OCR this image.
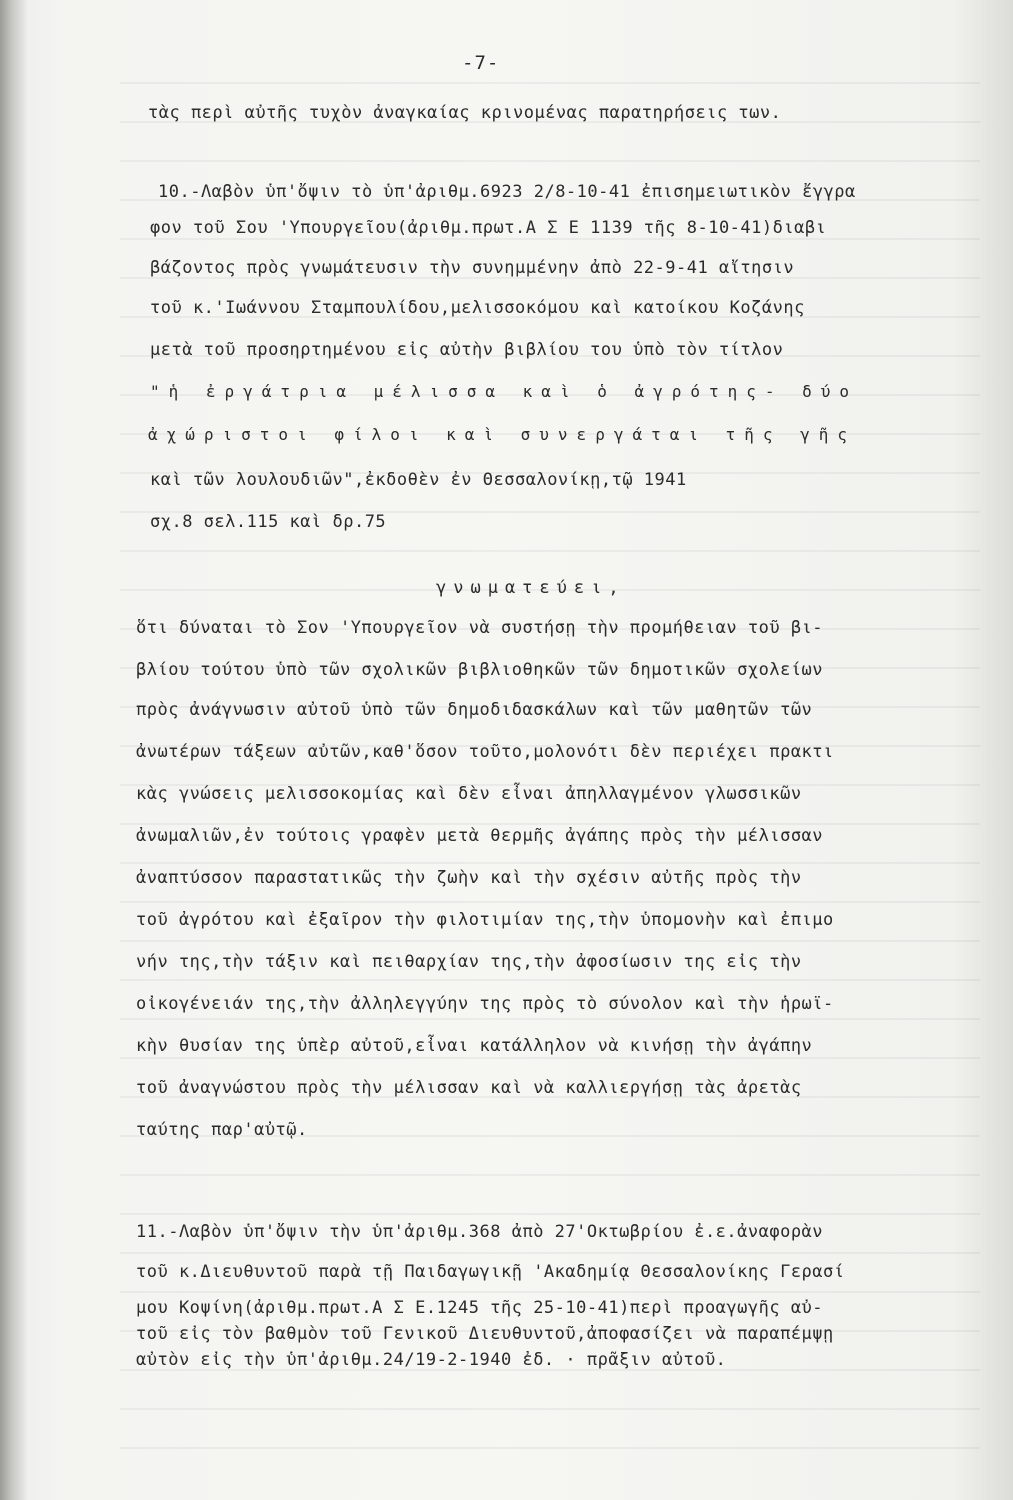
-7-
τὰς περὶ αὐτῆς τυχὸν ἀναγκαίας κρινομένας παρατηρήσεις των.
10.-Λαβὸν ὑπ'ὄψιν τὸ ὑπ'ἀριθμ.6923 2/8-10-41 ἐπισημειωτικὸν ἔγγρα
φον τοῦ Σου 'Υπουργεῖου(ἀριθμ.πρωτ.Α Σ Ε 1139 τῆς 8-10-41)διαβι
βάζοντος πρὸς γνωμάτευσιν τὴν συνημμένην ἀπὸ 22-9-41 αἴτησιν
τοῦ κ.'Ιωάννου Σταμπουλίδου,μελισσοκόμου καὶ κατοίκου Κοζάνης
μετὰ τοῦ προσηρτημένου εἰς αὐτὴν βιβλίου του ὑπὸ τὸν τίτλον
"ἡ ἐργάτρια μέλισσα καὶ ὁ ἀγρότης- δύο
ἀχώριστοι φίλοι καὶ συνεργάται τῆς γῆς
καὶ τῶν λουλουδιῶν",ἐκδοθὲν ἐν Θεσσαλονίκῃ,τῷ 1941
σχ.8 σελ.115 καὶ δρ.75
γνωματεύει,
ὅτι δύναται τὸ Σον 'Υπουργεῖον νὰ συστήσῃ τὴν προμήθειαν τοῦ βι-
βλίου τούτου ὑπὸ τῶν σχολικῶν βιβλιοθηκῶν τῶν δημοτικῶν σχολείων
πρὸς ἀνάγνωσιν αὐτοῦ ὑπὸ τῶν δημοδιδασκάλων καὶ τῶν μαθητῶν τῶν
ἀνωτέρων τάξεων αὐτῶν,καθ'ὅσον τοῦτο,μολονότι δὲν περιέχει πρακτι
κὰς γνώσεις μελισσοκομίας καὶ δὲν εἶναι ἀπηλλαγμένον γλωσσικῶν
ἀνωμαλιῶν,ἐν τούτοις γραφὲν μετὰ θερμῆς ἀγάπης πρὸς τὴν μέλισσαν
ἀναπτύσσον παραστατικῶς τὴν ζωὴν καὶ τὴν σχέσιν αὐτῆς πρὸς τὴν
τοῦ ἀγρότου καὶ ἐξαῖρον τὴν φιλοτιμίαν της,τὴν ὑπομονὴν καὶ ἐπιμο
νήν της,τὴν τάξιν καὶ πειθαρχίαν της,τὴν ἀφοσίωσιν της εἰς τὴν
οἰκογένειάν της,τὴν ἀλληλεγγύην της πρὸς τὸ σύνολον καὶ τὴν ἡρωϊ-
κὴν θυσίαν της ὑπὲρ αὐτοῦ,εἶναι κατάλληλον νὰ κινήσῃ τὴν ἀγάπην
τοῦ ἀναγνώστου πρὸς τὴν μέλισσαν καὶ νὰ καλλιεργήσῃ τὰς ἀρετὰς
ταύτης παρ'αὐτῷ.
11.-Λαβὸν ὑπ'ὄψιν τὴν ὑπ'ἀριθμ.368 ἀπὸ 27'Οκτωβρίου ἐ.ε.ἀναφορὰν
τοῦ κ.Διευθυντοῦ παρὰ τῇ Παιδαγωγικῇ 'Ακαδημίᾳ Θεσσαλονίκης Γερασί
μου Κοψίνη(ἀριθμ.πρωτ.Α Σ Ε.1245 τῆς 25-10-41)περὶ προαγωγῆς αὐ-
τοῦ εἰς τὸν βαθμὸν τοῦ Γενικοῦ Διευθυντοῦ,ἀποφασίζει νὰ παραπέμψῃ
αὐτὸν εἰς τὴν ὑπ'ἀριθμ.24/19-2-1940 ἐδ. · πρᾶξιν αὐτοῦ.
